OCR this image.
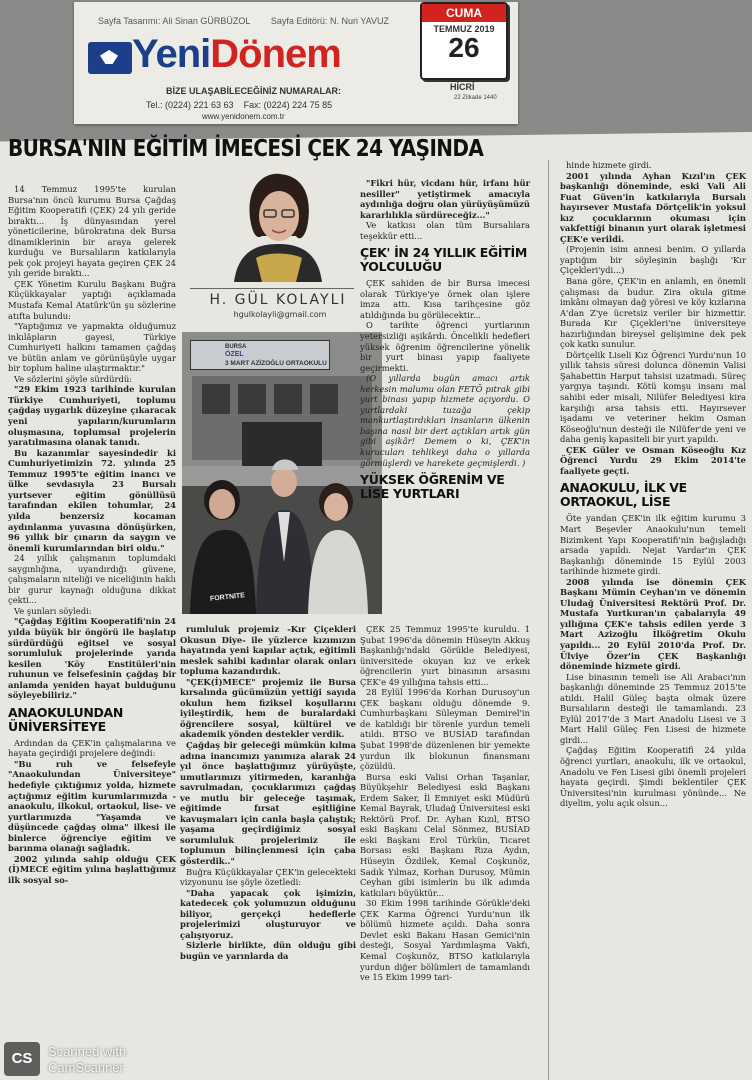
Sayfa Tasarımı: Ali Sinan GÜRBÜZOL Sayfa Editörü: N. Nuri YAVUZ
YeniDönem
BİZE ULAŞABİLECEĞİNİZ NUMARALAR:
Tel.: (0224) 221 63 63 Fax: (0224) 224 75 85
www.yenidonem.com.tr
CUMA
TEMMUZ 2019
26
HİCRİ
22 Zilkade 1440
BURSA'NIN EĞİTİM İMECESİ ÇEK 24 YAŞINDA

14 Temmuz 1995'te kurulan Bursa'nın öncü kurumu Bursa Çağdaş Eğitim Kooperatifi (ÇEK) 24 yılı geride bıraktı... İş dünyasından yerel yöneticilerine, bürokratına dek Bursa dinamiklerinin bir araya gelerek kurduğu ve Bursalıların katkılarıyla pek çok projeyi hayata geçiren ÇEK 24 yılı geride bıraktı...

ÇEK Yönetim Kurulu Başkanı Buğra Küçükkayalar yaptığı açıklamada Mustafa Kemal Atatürk'ün şu sözlerine atıfta bulundu:

"Yaptığımız ve yapmakta olduğumuz inkılâpların gayesi, Türkiye Cumhuriyeti halkını tamamen çağdaş ve bütün anlam ve görünüşüyle uygar bir toplum haline ulaştırmaktır."

Ve sözlerini şöyle sürdürdü:

"29 Ekim 1923 tarihinde kurulan Türkiye Cumhuriyeti, toplumu çağdaş uygarlık düzeyine çıkaracak yeni yapıların/kurumların oluşmasına, toplumsal projelerin yaratılmasına olanak tanıdı.

Bu kazanımlar sayesindedir ki Cumhuriyetimizin 72. yılında 25 Temmuz 1995'te eğitim inancı ve ülke sevdasıyla 23 Bursalı yurtsever eğitim gönüllüsü tarafından ekilen tohumlar, 24 yılda benzersiz kocaman aydınlanma yuvasına dönüşürken, 96 yıllık bir çınarın da saygın ve önemli kurumlarından biri oldu."

24 yıllık çalışmanın toplumdaki saygınlığına, uyandırdığı güvene, çalışmaların niteliği ve niceliğinin haklı bir gurur kaynağı olduğuna dikkat çekti...

Ve şunları söyledi:

"Çağdaş Eğitim Kooperatifi'nin 24 yılda büyük bir öngörü ile başlatıp sürdürdüğü eğitsel ve sosyal sorumluluk projelerinde yarıda kesilen 'Köy Enstitüleri'nin ruhunun ve felsefesinin çağdaş bir anlamda yeniden hayat bulduğunu söyleyebiliriz."

ANAOKULUNDAN ÜNİVERSİTEYE

Ardından da ÇEK'in çalışmalarına ve hayata geçirdiği projelere değindi:

"Bu ruh ve felsefeyle "Anaokulundan Üniversiteye" hedefiyle çıktığımız yolda, hizmete açtığımız eğitim kurumlarımızda -anaokulu, ilkokul, ortaokul, lise- ve yurtlarımızda "Yaşamda ve düşüncede çağdaş olma" ilkesi ile binlerce öğrenciye eğitim ve barınma olanağı sağladık.

2002 yılında sahip olduğu ÇEK (İ)MECE eğitim yılına başlattığımız ilk sosyal so-

H. GÜL KOLAYLI
hgulkolayli@gmail.com
BURSA
ÖZEL
3 MART AZİZOĞLU ORTAOKULU
FORTNITE

rumluluk projemiz -Kır Çiçekleri Okusun Diye- ile yüzlerce kızımızın hayatında yeni kapılar açtık, eğitimli meslek sahibi kadınlar olarak onları topluma kazandırdık.

"ÇEK(İ)MECE" projemiz ile Bursa kırsalında gücümüzün yettiği sayıda okulun hem fiziksel koşullarını iyileştirdik, hem de buralardaki öğrencilere sosyal, kültürel ve akademik yönden destekler verdik.

Çağdaş bir geleceği mümkün kılma adına inancımızı yanımıza alarak 24 yıl önce başlattığımız yürüyüşte, umutlarımızı yitirmeden, karanlığa savrulmadan, çocuklarımızı çağdaş ve mutlu bir geleceğe taşımak, eğitimde fırsat eşitliğine kavuşmaları için canla başla çalıştık; yaşama geçirdiğimiz sosyal sorumluluk projelerimiz ile toplumun bilinçlenmesi için çaba gösterdik.."

Buğra Küçükkayalar ÇEK'in gelecekteki vizyonunu ise şöyle özetledi:

"Daha yapacak çok işimizin, katedecek çok yolumuzun olduğunu biliyor, gerçekçi hedeflerle projelerimizi oluşturuyor ve çalışıyoruz.

Sizlerle birlikte, dün olduğu gibi bugün ve yarınlarda da

"Fikri hür, vicdanı hür, irfanı hür nesiller" yetiştirmek amacıyla aydınlığa doğru olan yürüyüşümüzü kararlılıkla sürdüreceğiz..."

Ve katkısı olan tüm Bursalılara teşekkür etti...

ÇEK' İN 24 YILLIK EĞİTİM YOLCULUĞU

ÇEK sahiden de bir Bursa imecesi olarak Türkiye'ye örnek olan işlere imza attı. Kısa tarihçesine göz atıldığında bu görülecektir...

O tarihte öğrenci yurtlarının yetersizliği aşikârdı. Öncelikli hedefleri yüksek öğrenim öğrencilerine yönelik bir yurt binası yapıp faaliyete geçirmekti.

(O yıllarda bugün amacı artık herkesin malumu olan FETÖ pıtrak gibi yurt binası yapıp hizmete açıyordu. O yurtlardaki tuzağa çekip mankurtlaştırdıkları insanların ülkenin başına nasıl bir dert açtıkları artık gün gibi aşikâr! Demem o ki, ÇEK'in kurucuları tehlikeyi daha o yıllarda görmüşlerdi ve harekete geçmişlerdi. )

YÜKSEK ÖĞRENİM VE LİSE YURTLARI

ÇEK 25 Temmuz 1995'te kuruldu. 1 Şubat 1996'da dönemin Hüseyin Akkuş Başkanlığı'ndaki Görükle Belediyesi, üniversitede okuyan kız ve erkek öğrencilerin yurt binasının arsasını ÇEK'e 49 yıllığına tahsis etti...

28 Eylül 1996'da Korhan Durusoy'un ÇEK başkanı olduğu dönemde 9. Cumhurbaşkanı Süleyman Demirel'in de katıldığı bir törenle yurdun temeli atıldı. BTSO ve BUSİAD tarafından Şubat 1998'de düzenlenen bir yemekte yurdun ilk blokunun finansmanı çözüldü.

Bursa eski Valisi Orhan Taşanlar, Büyükşehir Belediyesi eski Başkanı Erdem Saker, İl Emniyet eski Müdürü Kemal Bayrak, Uludağ Üniversitesi eski Rektörü Prof. Dr. Ayhan Kızıl, BTSO eski Başkanı Celal Sönmez, BUSİAD eski Başkanı Erol Türkün, Ticaret Borsası eski Başkanı Rıza Aydın, Hüseyin Özdilek, Kemal Coşkunöz, Sadık Yılmaz, Korhan Durusoy, Mümin Ceyhan gibi isimlerin bu ilk adımda katkıları büyüktür...

30 Ekim 1998 tarihinde Görükle'deki ÇEK Karma Öğrenci Yurdu'nun ilk bölümü hizmete açıldı. Daha sonra Devlet eski Bakanı Hasan Gemici'nin desteği, Sosyal Yardımlaşma Vakfı, Kemal Coşkunöz, BTSO katkılarıyla yurdun diğer bölümleri de tamamlandı ve 15 Ekim 1999 tari-

hinde hizmete girdi.

2001 yılında Ayhan Kızıl'ın ÇEK başkanlığı döneminde, eski Vali Ali Fuat Güven'in katkılarıyla Bursalı hayırsever Mustafa Dörtçelik'in yoksul kız çocuklarının okuması için vakfettiği binanın yurt olarak işletmesi ÇEK'e verildi.

(Projenin isim annesi benim. O yıllarda yaptığım bir söyleşinin başlığı 'Kır Çiçekleri'ydi...)

Bana göre, ÇEK'in en anlamlı, en önemli çalışması da budur. Zira okula gitme imkânı olmayan dağ yöresi ve köy kızlarına A'dan Z'ye ücretsiz veriler bir hizmettir. Burada Kır Çiçekleri'ne üniversiteye hazırlığından bireysel gelişimine dek pek çok katkı sunulur.

Dörtçelik Liseli Kız Öğrenci Yurdu'nun 10 yıllık tahsis süresi dolunca dönemin Valisi Şahabettin Harput tahsisi uzatmadı. Süreç yargıya taşındı. Kötü komşu insanı mal sahibi eder misali, Nilüfer Belediyesi kira karşılığı arsa tahsis etti. Hayırsever işadamı ve veteriner hekim Osman Köseoğlu'nun desteği ile Nilüfer'de yeni ve daha geniş kapasiteli bir yurt yapıldı.

ÇEK Güler ve Osman Köseoğlu Kız Öğrenci Yurdu 29 Ekim 2014'te faaliyete geçti.

ANAOKULU, İLK VE ORTAOKUL, LİSE

Öte yandan ÇEK'in ilk eğitim kurumu 3 Mart Beşevler Anaokulu'nun temeli Bizimkent Yapı Kooperatifi'nin bağışladığı arsada yapıldı. Nejat Vardar'ın ÇEK Başkanlığı döneminde 15 Eylül 2003 tarihinde hizmete girdi.

2008 yılında ise dönemin ÇEK Başkanı Mümin Ceyhan'ın ve dönemin Uludağ Üniversitesi Rektörü Prof. Dr. Mustafa Yurtkuran'ın çabalarıyla 49 yıllığına ÇEK'e tahsis edilen yerde 3 Mart Azizoğlu İlköğretim Okulu yapıldı... 20 Eylül 2010'da Prof. Dr. Ülviye Özer'in ÇEK Başkanlığı döneminde hizmete girdi.

Lise binasının temeli ise Ali Arabacı'nın başkanlığı döneminde 25 Temmuz 2015'te atıldı. Halil Güleç başta olmak üzere Bursalıların desteği ile tamamlandı. 23 Eylül 2017'de 3 Mart Anadolu Lisesi ve 3 Mart Halil Güleç Fen Lisesi de hizmete girdi...

Çağdaş Eğitim Kooperatifi 24 yılda öğrenci yurtları, anaokulu, ilk ve ortaokul, Anadolu ve Fen Lisesi gibi önemli projeleri hayata geçirdi. Şimdi beklentiler ÇEK Üniversitesi'nin kurulması yönünde... Ne diyelim, yolu açık olsun...

CS	Scanned with
CamScanner
